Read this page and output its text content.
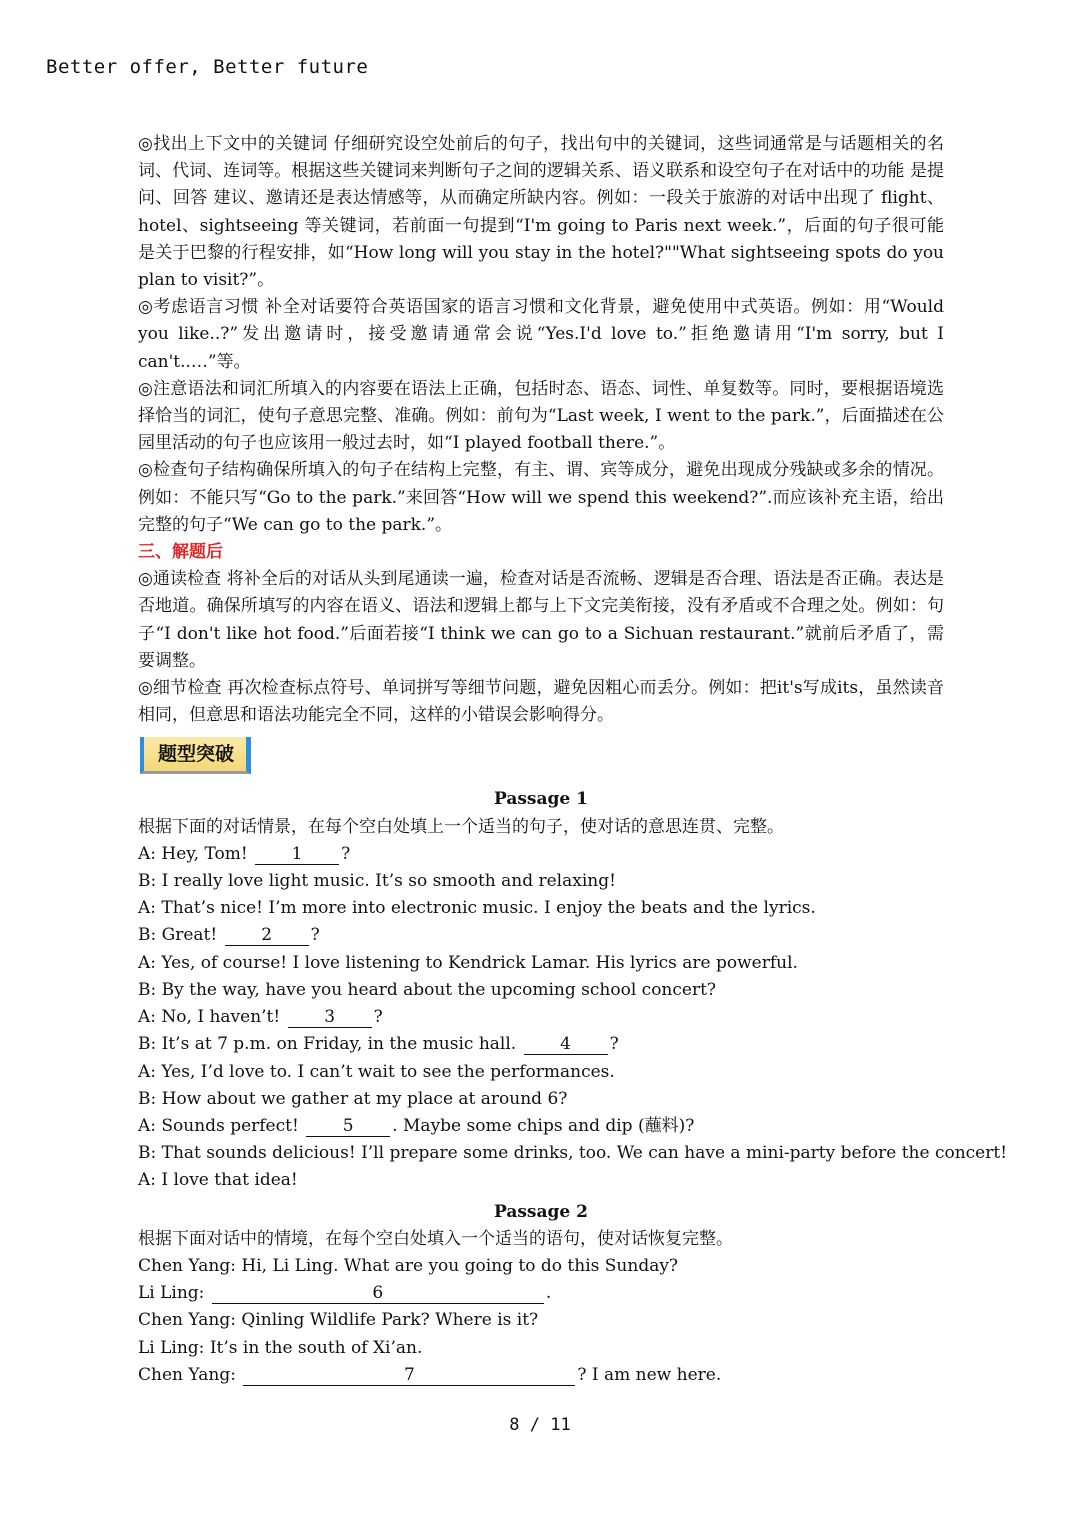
Better offer, Better future

◎找出上下文中的关键词 仔细研究设空处前后的句子，找出句中的关键词，这些词通常是与话题相关的名词、代词、连词等。根据这些关键词来判断句子之间的逻辑关系、语义联系和设空句子在对话中的功能 是提问、回答 建议、邀请还是表达情感等，从而确定所缺内容。例如：一段关于旅游的对话中出现了 flight、hotel、sightseeing 等关键词，若前面一句提到“I'm going to Paris next week.”，后面的句子很可能是关于巴黎的行程安排，如“How long will you stay in the hotel?""What sightseeing spots do you plan to visit?”。

◎考虑语言习惯 补全对话要符合英语国家的语言习惯和文化背景，避免使用中式英语。例如：用“Would you like..?”发出邀请时，接受邀请通常会说“Yes.I'd love to.”拒绝邀请用“I'm sorry, but I can't..…”等。

◎注意语法和词汇所填入的内容要在语法上正确，包括时态、语态、词性、单复数等。同时，要根据语境选择恰当的词汇，使句子意思完整、准确。例如：前句为“Last week, I went to the park.”，后面描述在公园里活动的句子也应该用一般过去时，如“I played football there.”。

◎检查句子结构确保所填入的句子在结构上完整，有主、谓、宾等成分，避免出现成分残缺或多余的情况。例如：不能只写“Go to the park.”来回答“How will we spend this weekend?”.而应该补充主语，给出完整的句子“We can go to the park.”。

三、解题后

◎通读检查 将补全后的对话从头到尾通读一遍，检查对话是否流畅、逻辑是否合理、语法是否正确。表达是否地道。确保所填写的内容在语义、语法和逻辑上都与上下文完美衔接，没有矛盾或不合理之处。例如：句子“I don't like hot food.”后面若接“I think we can go to a Sichuan restaurant.”就前后矛盾了，需要调整。

◎细节检查 再次检查标点符号、单词拼写等细节问题，避免因粗心而丢分。例如：把it's写成its，虽然读音相同，但意思和语法功能完全不同，这样的小错误会影响得分。

题型突破

Passage 1

根据下面的对话情景，在每个空白处填上一个适当的句子，使对话的意思连贯、完整。

A: Hey, Tom!	1 ?

B: I really love light music. It’s so smooth and relaxing!

A: That’s nice! I’m more into electronic music. I enjoy the beats and the lyrics.

B: Great!	2 ?

A: Yes, of course! I love listening to Kendrick Lamar. His lyrics are powerful.

B: By the way, have you heard about the upcoming school concert?

A: No, I haven’t!	3 ?

B: It’s at 7 p.m. on Friday, in the music hall.	4 ?

A: Yes, I’d love to. I can’t wait to see the performances.

B: How about we gather at my place at around 6?

A: Sounds perfect!	5 . Maybe some chips and dip (蘸料)?

B: That sounds delicious! I’ll prepare some drinks, too. We can have a mini-party before the concert!

A: I love that idea!

Passage 2

根据下面对话中的情境，在每个空白处填入一个适当的语句，使对话恢复完整。

Chen Yang: Hi, Li Ling. What are you going to do this Sunday?

Li Ling:	6	.

Chen Yang: Qinling Wildlife Park? Where is it?

Li Ling: It’s in the south of Xi’an.

Chen Yang:	7	? I am new here.

8 / 11
